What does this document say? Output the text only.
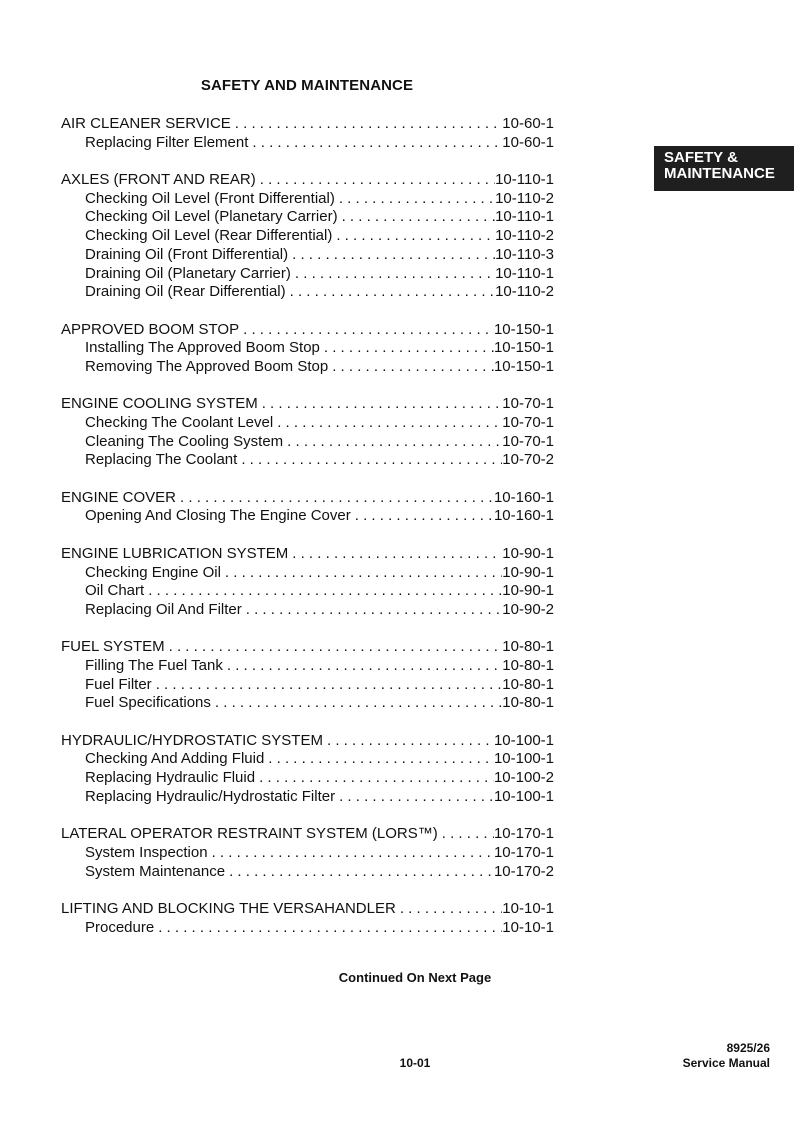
SAFETY AND MAINTENANCE
SAFETY &
MAINTENANCE
AIR CLEANER SERVICE . . .	10-60-1
Replacing Filter Element . . .	10-60-1
AXLES (FRONT AND REAR) . . .	10-110-1
Checking Oil Level (Front Differential) . . .	10-110-2
Checking Oil Level (Planetary Carrier) . . .	10-110-1
Checking Oil Level (Rear Differential) . . .	10-110-2
Draining Oil (Front Differential) . . .	10-110-3
Draining Oil (Planetary Carrier) . . .	10-110-1
Draining Oil (Rear Differential) . . .	10-110-2
APPROVED BOOM STOP . . .	10-150-1
Installing The Approved Boom Stop . . .	10-150-1
Removing The Approved Boom Stop . . .	10-150-1
ENGINE COOLING SYSTEM . . .	10-70-1
Checking The Coolant Level . . .	10-70-1
Cleaning The Cooling System . . .	10-70-1
Replacing The Coolant . . .	10-70-2
ENGINE COVER . . .	10-160-1
Opening And Closing The Engine Cover . . .	10-160-1
ENGINE LUBRICATION SYSTEM . . .	10-90-1
Checking Engine Oil . . .	10-90-1
Oil Chart . . .	10-90-1
Replacing Oil And Filter . . .	10-90-2
FUEL SYSTEM . . .	10-80-1
Filling The Fuel Tank . . .	10-80-1
Fuel Filter . . .	10-80-1
Fuel Specifications . . .	10-80-1
HYDRAULIC/HYDROSTATIC SYSTEM . . .	10-100-1
Checking And Adding Fluid . . .	10-100-1
Replacing Hydraulic Fluid . . .	10-100-2
Replacing Hydraulic/Hydrostatic Filter . . .	10-100-1
LATERAL OPERATOR RESTRAINT SYSTEM (LORS™) . . .	10-170-1
System Inspection . . .	10-170-1
System Maintenance . . .	10-170-2
LIFTING AND BLOCKING THE VERSAHANDLER . . .	10-10-1
Procedure . . .	10-10-1
Continued On Next Page
10-01
8925/26
Service Manual
